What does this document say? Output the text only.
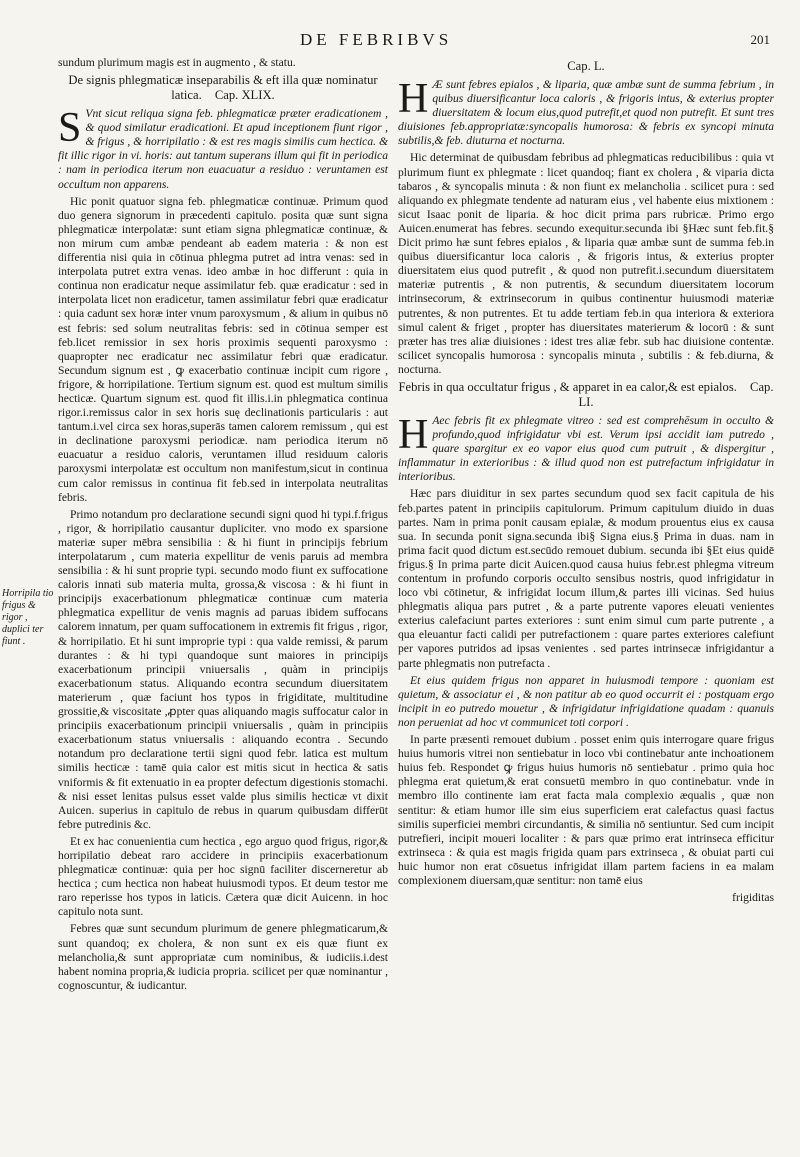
DE FEBRIBVS	201
Horripila tio frigus & rigor , duplici ter fiunt .

sundum plurimum magis est in augmento , & statu.

De signis phlegmaticæ inseparabilis & eft illa quæ nominatur latica. Cap. XLIX.

S Vnt sicut reliqua signa feb. phlegmaticæ præter eradicationem , & quod similatur eradicationi. Et apud inceptionem fiunt rigor , & frigus , & horripilatio : & est res magis similis cum hectica. & fit illic rigor in vi. horis: aut tantum superans illum qui fit in periodica : nam in periodica iterum non euacuatur a residuo : veruntamen est occultum non apparens.

Hic ponit quatuor signa feb. phlegmaticæ continuæ. Primum quod duo genera signorum in præcedenti capitulo. posita quæ sunt signa phlegmaticæ interpolatæ: sunt etiam signa phlegmaticæ continuæ, & non mirum cum ambæ pendeant ab eadem materia : & non est differentia nisi quia in cōtinua phlegma putret ad intra venas: sed in interpolata putret extra venas. ideo ambæ in hoc differunt : quia in continua non eradicatur neque assimilatur feb. quæ eradicatur : sed in interpolata licet non eradicetur, tamen assimilatur febri quæ eradicatur : quia cadunt sex horæ inter vnum paroxysmum , & alium in quibus nō est febris: sed solum neutralitas febris: sed in cōtinua semper est feb.licet remissior in sex horis proximis sequenti paroxysmo : quapropter nec eradicatur nec assimilatur febri quæ eradicatur. Secundum signum est , ꝙ exacerbatio continuæ incipit cum rigore , frigore, & horripilatione. Tertium signum est. quod est multum similis hecticæ. Quartum signum est. quod fit illis.i.in phlegmatica continua rigor.i.remissus calor in sex horis suę declinationis particularis : aut tantum.i.vel circa sex horas,superās tamen calorem remissum , qui est in declinatione paroxysmi periodicæ. nam periodica iterum nō euacuatur a residuo caloris, veruntamen illud residuum caloris paroxysmi interpolatæ est occultum non manifestum,sicut in continua cum calor remissus in continua fit feb.sed in interpolata neutralitas febris.

Primo notandum pro declaratione secundi signi quod hi typi.f.frigus , rigor, & horripilatio causantur dupliciter. vno modo ex sparsione materiæ super mēbra sensibilia : & hi fiunt in principijs febrium interpolatarum , cum materia expellitur de venis paruis ad membra sensibilia : & hi sunt proprie typi. secundo modo fiunt ex suffocatione caloris innati sub materia multa, grossa,& viscosa : & hi fiunt in principijs exacerbationum phlegmaticæ continuæ cum materia phlegmatica expellitur de venis magnis ad paruas ibidem suffocans calorem innatum, per quam suffocationem in extremis fit frigus , rigor, & horripilatio. Et hi sunt improprie typi : qua valde remissi, & parum durantes : & hi typi quandoque sunt maiores in principijs exacerbationum principii vniuersalis , quàm in principijs exacerbationum status. Aliquando econtra secundum diuersitatem materierum , quæ faciunt hos typos in frigiditate, multitudine grossitie,& viscositate ,ꝓpter quas aliquando magis suffocatur calor in principiis exacerbationum principii vniuersalis , quàm in principiis exacerbationum status vniuersalis : aliquando econtra . Secundo notandum pro declaratione tertii signi quod febr. latica est multum similis hecticæ : tamē quia calor est mitis sicut in hectica & satis vniformis & fit extenuatio in ea propter defectum digestionis stomachi. & nisi esset lenitas pulsus esset valde plus similis hecticæ vt dixit Auicen. superius in capitulo de rebus in quarum quibusdam differūt febre putredinis &c.

Et ex hac conuenientia cum hectica , ego arguo quod frigus, rigor,& horripilatio debeat raro accidere in principiis exacerbationum phlegmaticæ continuæ: quia per hoc signū faciliter discerneretur ab hectica ; cum hectica non habeat huiusmodi typos. Et deum testor me raro reperisse hos typos in laticis. Cætera quæ dicit Auicenn. in hoc capitulo nota sunt.

Febres quæ sunt secundum plurimum de genere phlegmaticarum,& sunt quandoq; ex cholera, & non sunt ex eis quæ fiunt ex melancholia,& sunt appropriatæ cum nominibus, & iudiciis.i.dest habent nomina propria,& iudicia propria. scilicet per quæ nominantur , cognoscuntur, & iudicantur.

Cap. L.

H Æ sunt febres epialos , & liparia, quæ ambæ sunt de summa febrium , in quibus diuersificantur loca caloris , & frigoris intus, & exterius propter diuersitatem & locum eius,quod putrefit,et quod non putrefit. Et sunt tres diuisiones feb.appropriatæ:syncopalis humorosa: & febris ex syncopi minuta subtilis,& feb. diuturna et nocturna.

Hic determinat de quibusdam febribus ad phlegmaticas reducibilibus : quia vt plurimum fiunt ex phlegmate : licet quandoq; fiant ex cholera , & viparia dicta tabaros , & syncopalis minuta : & non fiunt ex melancholia . scilicet pura : sed aliquando ex phlegmate tendente ad naturam eius , vel habente eius mixtionem : sicut Isaac ponit de liparia. & hoc dicit prima pars rubricæ. Primo ergo Auicen.enumerat has febres. secundo exequitur.secunda ibi §Hæc sunt feb.fit.§ Dicit primo hæ sunt febres epialos , & liparia quæ ambæ sunt de summa feb.in quibus diuersificantur loca caloris , & frigoris intus, & exterius propter diuersitatem eius quod putrefit , & quod non putrefit.i.secundum diuersitatem materiæ putrentis , & non putrentis, & secundum diuersitatem locorum intrinsecorum, & extrinsecorum in quibus continentur huiusmodi materiæ putrentes, & non putrentes. Et tu adde tertiam feb.in qua interiora & exteriora simul calent & friget , propter has diuersitates materierum & locorū : & sunt præter has tres aliæ diuisiones : idest tres aliæ febr. sub hac diuisione contentæ. scilicet syncopalis humorosa : syncopalis minuta , subtilis : & feb.diurna, & nocturna.

Febris in qua occultatur frigus , & apparet in ea calor,& est epialos. Cap. LI.

H Aec febris fit ex phlegmate vitreo : sed est comprehēsum in occulto & profundo,quod infrigidatur vbi est. Verum ipsi accidit iam putredo , quare spargitur ex eo vapor eius quod cum putruit , & dispergitur , inflammatur in exterioribus : & illud quod non est putrefactum infrigidatur in interioribus.

Hæc pars diuiditur in sex partes secundum quod sex facit capitula de his feb.partes patent in principiis capitulorum. Primum capitulum diuido in duas partes. Nam in prima ponit causam epialæ, & modum prouentus eius ex causa sua. In secunda ponit signa.secunda ibi§ Signa eius.§ Prima in duas. nam in prima facit quod dictum est.secūdo remouet dubium. secunda ibi §Et eius quidē frigus.§ In prima parte dicit Auicen.quod causa huius febr.est phlegma vitreum contentum in profundo corporis occulto sensibus nostris, quod infrigidatur in loco vbi cōtinetur, & infrigidat locum illum,& partes illi vicinas. Sed huius phlegmatis aliqua pars putret , & a parte putrente vapores eleuati venientes exterius calefaciunt partes exteriores : sunt enim simul cum parte putrente , a qua eleuantur facti calidi per putrefactionem : quare partes exteriores calefiunt per vapores putridos ad ipsas venientes . sed partes intrinsecæ infrigidantur a parte phlegmatis non putrefacta .

Et eius quidem frigus non apparet in huiusmodi tempore : quoniam est quietum, & associatur ei , & non patitur ab eo quod occurrit ei : postquam ergo incipit in eo putredo mouetur , & infrigidatur infrigidatione quadam : quanuis non perueniat ad hoc vt communicet toti corpori .

In parte præsenti remouet dubium . posset enim quis interrogare quare frigus huius humoris vitrei non sentiebatur in loco vbi continebatur ante inchoationem huius feb. Respondet ꝙ frigus huius humoris nō sentiebatur . primo quia hoc phlegma erat quietum,& erat consuetū membro in quo continebatur. vnde in membro illo continente iam erat facta mala complexio æqualis , quæ non sentitur: & etiam humor ille sim eius superficiem erat calefactus quasi factus similis superficiei membri circundantis, & similia nō sentiuntur. Sed cum incipit putrefieri, incipit moueri localiter : & pars quæ primo erat intrinseca efficitur extrinseca : & quia est magis frigida quam pars extrinseca , & obuiat parti cui huic humor non erat cōsuetus infrigidat illam partem faciens in ea malam complexionem diuersam,quæ sentitur: non tamē eius

frigiditas
